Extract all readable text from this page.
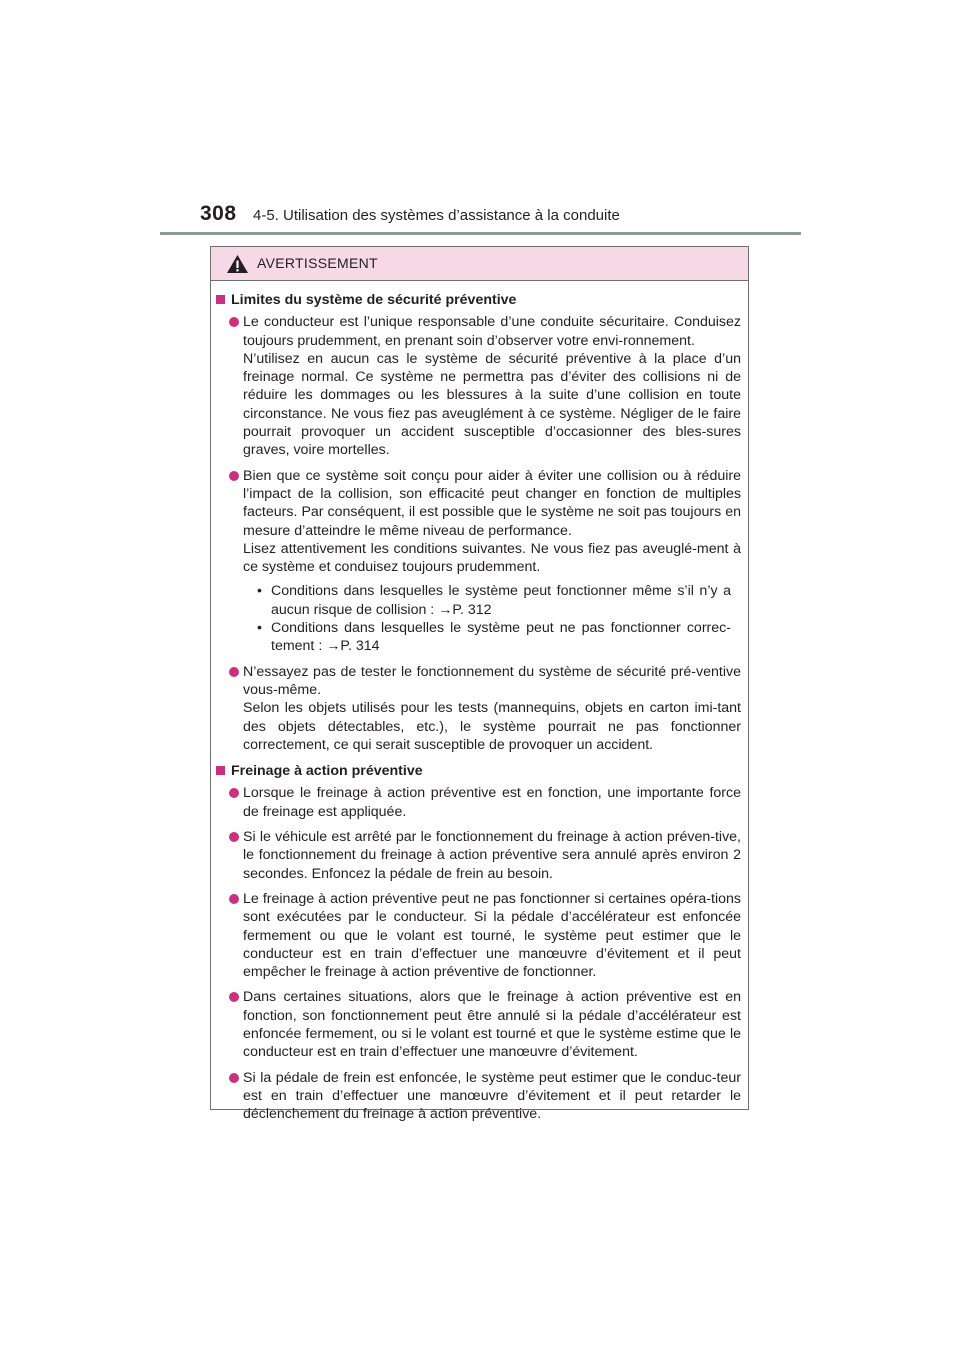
308 4-5. Utilisation des systèmes d’assistance à la conduite
AVERTISSEMENT
Limites du système de sécurité préventive
Le conducteur est l’unique responsable d’une conduite sécuritaire. Conduisez toujours prudemment, en prenant soin d’observer votre envi-ronnement.
N’utilisez en aucun cas le système de sécurité préventive à la place d’un freinage normal. Ce système ne permettra pas d’éviter des collisions ni de réduire les dommages ou les blessures à la suite d’une collision en toute circonstance. Ne vous fiez pas aveuglément à ce système. Négliger de le faire pourrait provoquer un accident susceptible d’occasionner des bles-sures graves, voire mortelles.
Bien que ce système soit conçu pour aider à éviter une collision ou à réduire l’impact de la collision, son efficacité peut changer en fonction de multiples facteurs. Par conséquent, il est possible que le système ne soit pas toujours en mesure d’atteindre le même niveau de performance.
Lisez attentivement les conditions suivantes. Ne vous fiez pas aveuglé-ment à ce système et conduisez toujours prudemment.
• Conditions dans lesquelles le système peut fonctionner même s’il n’y a aucun risque de collision : →P. 312
• Conditions dans lesquelles le système peut ne pas fonctionner correc-tement : →P. 314
N’essayez pas de tester le fonctionnement du système de sécurité pré-ventive vous-même.
Selon les objets utilisés pour les tests (mannequins, objets en carton imi-tant des objets détectables, etc.), le système pourrait ne pas fonctionner correctement, ce qui serait susceptible de provoquer un accident.
Freinage à action préventive
Lorsque le freinage à action préventive est en fonction, une importante force de freinage est appliquée.
Si le véhicule est arrêté par le fonctionnement du freinage à action préven-tive, le fonctionnement du freinage à action préventive sera annulé après environ 2 secondes. Enfoncez la pédale de frein au besoin.
Le freinage à action préventive peut ne pas fonctionner si certaines opéra-tions sont exécutées par le conducteur. Si la pédale d’accélérateur est enfoncée fermement ou que le volant est tourné, le système peut estimer que le conducteur est en train d’effectuer une manœuvre d’évitement et il peut empêcher le freinage à action préventive de fonctionner.
Dans certaines situations, alors que le freinage à action préventive est en fonction, son fonctionnement peut être annulé si la pédale d’accélérateur est enfoncée fermement, ou si le volant est tourné et que le système estime que le conducteur est en train d’effectuer une manœuvre d’évitement.
Si la pédale de frein est enfoncée, le système peut estimer que le conduc-teur est en train d’effectuer une manœuvre d’évitement et il peut retarder le déclenchement du freinage à action préventive.
